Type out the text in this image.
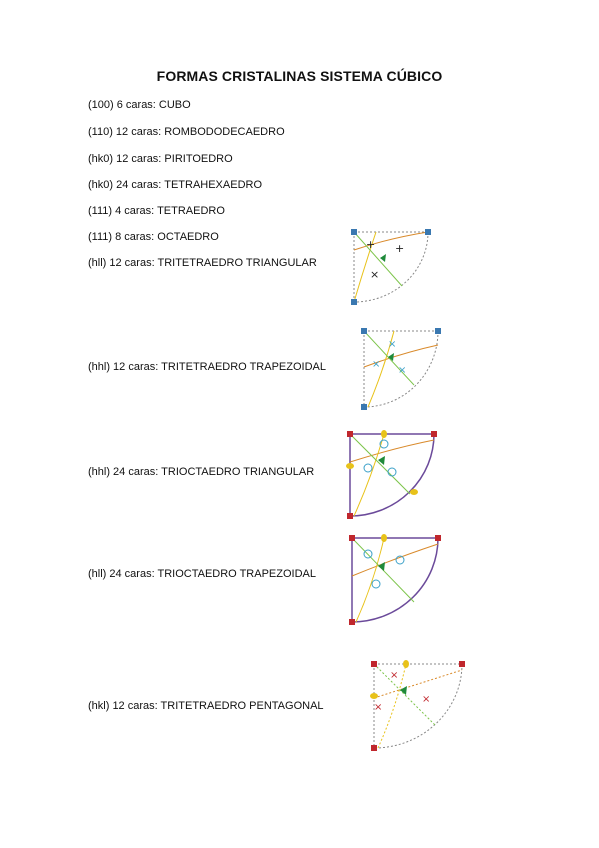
FORMAS CRISTALINAS SISTEMA CÚBICO
(100) 6 caras: CUBO
(110) 12 caras: ROMBODODECAEDRO
(hk0) 12 caras: PIRITOEDRO
(hk0) 24 caras: TETRAHEXAEDRO
(111) 4 caras: TETRAEDRO
(111) 8 caras: OCTAEDRO
(hll) 12 caras: TRITETRAEDRO TRIANGULAR
(hhl) 12 caras: TRITETRAEDRO TRAPEZOIDAL
(hhl) 24 caras: TRIOCTAEDRO TRIANGULAR
(hll) 24 caras: TRIOCTAEDRO TRAPEZOIDAL
(hkl) 12 caras: TRITETRAEDRO PENTAGONAL
+ +
×
×
×
×
×
×
×
